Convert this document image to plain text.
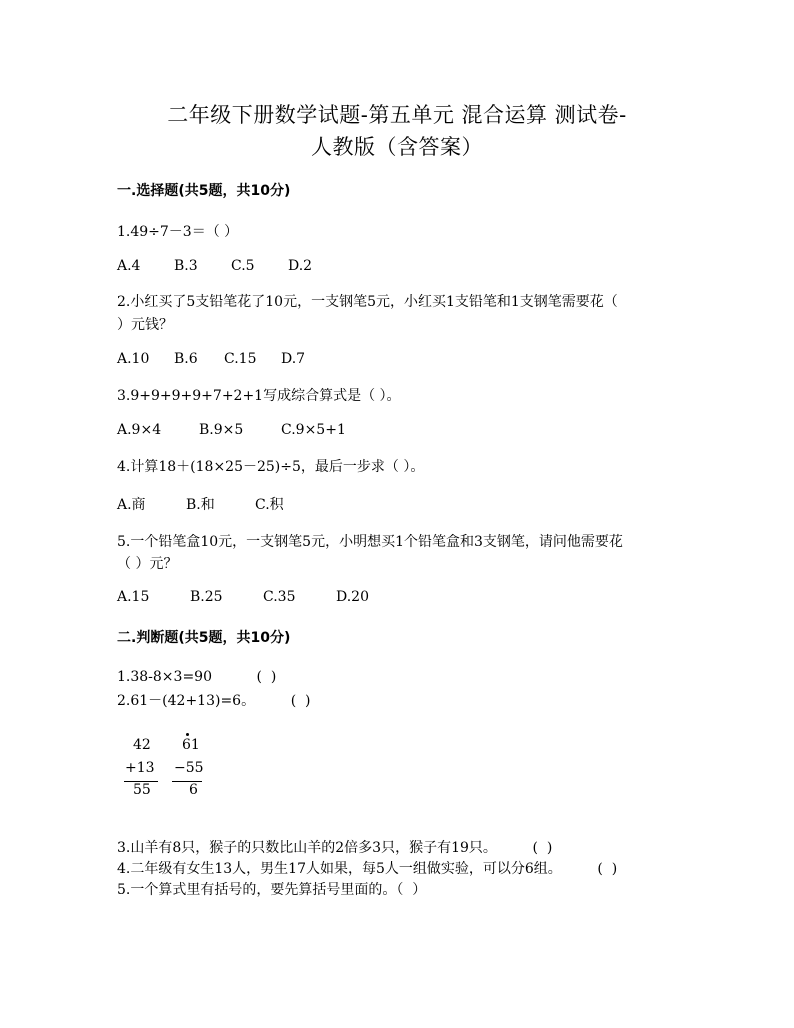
二年级下册数学试题-第五单元 混合运算 测试卷-
人教版（含答案）
一.选择题(共5题，共10分)
1.49÷7－3＝（ ）
A.4 B.3 C.5 D.2
2.小红买了5支铅笔花了10元，一支钢笔5元，小红买1支铅笔和1支钢笔需要花（
）元钱？
A.10 B.6 C.15 D.7
3.9+9+9+9+7+2+1写成综合算式是（ ）。
A.9×4	B.9×5	C.9×5+1
4.计算18＋(18×25－25)÷5，最后一步求（ ）。
A.商	B.和	C.积
5.一个铅笔盒10元，一支钢笔5元，小明想买1个铅笔盒和3支钢笔，请问他需要花
（ ）元？
A.15	B.25	C.35	D.20
二.判断题(共5题，共10分)
1.38-8×3=90          (  )
2.61－(42+13)=6。        (  )
42
+13
55
61
−55
6
3.山羊有8只，猴子的只数比山羊的2倍多3只，猴子有19只。        (  )
4.二年级有女生13人，男生17人如果，每5人一组做实验，可以分6组。        (  )
5.一个算式里有括号的，要先算括号里面的。（  ）
